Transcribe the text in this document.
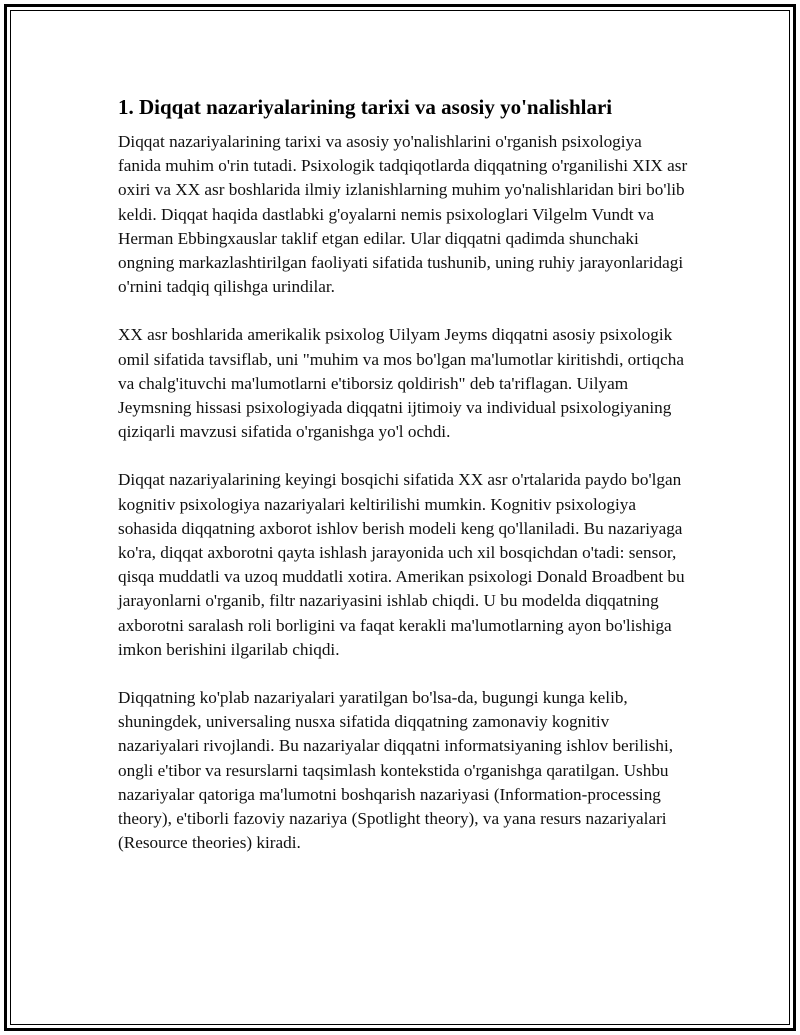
1. Diqqat nazariyalarining tarixi va asosiy yo'nalishlari

Diqqat nazariyalarining tarixi va asosiy yo'nalishlarini o'rganish psixologiya fanida muhim o'rin tutadi. Psixologik tadqiqotlarda diqqatning o'rganilishi XIX asr oxiri va XX asr boshlarida ilmiy izlanishlarning muhim yo'nalishlaridan biri bo'lib keldi. Diqqat haqida dastlabki g'oyalarni nemis psixologlari Vilgelm Vundt va Herman Ebbingxauslar taklif etgan edilar. Ular diqqatni qadimda shunchaki ongning markazlashtirilgan faoliyati sifatida tushunib, uning ruhiy jarayonlaridagi o'rnini tadqiq qilishga urindilar.

XX asr boshlarida amerikalik psixolog Uilyam Jeyms diqqatni asosiy psixologik omil sifatida tavsiflab, uni "muhim va mos bo'lgan ma'lumotlar kiritishdi, ortiqcha va chalg'ituvchi ma'lumotlarni e'tiborsiz qoldirish" deb ta'riflagan. Uilyam Jeymsning hissasi psixologiyada diqqatni ijtimoiy va individual psixologiyaning qiziqarli mavzusi sifatida o'rganishga yo'l ochdi.

Diqqat nazariyalarining keyingi bosqichi sifatida XX asr o'rtalarida paydo bo'lgan kognitiv psixologiya nazariyalari keltirilishi mumkin. Kognitiv psixologiya sohasida diqqatning axborot ishlov berish modeli keng qo'llaniladi. Bu nazariyaga ko'ra, diqqat axborotni qayta ishlash jarayonida uch xil bosqichdan o'tadi: sensor, qisqa muddatli va uzoq muddatli xotira. Amerikan psixologi Donald Broadbent bu jarayonlarni o'rganib, filtr nazariyasini ishlab chiqdi. U bu modelda diqqatning axborotni saralash roli borligini va faqat kerakli ma'lumotlarning ayon bo'lishiga imkon berishini ilgarilab chiqdi.

Diqqatning ko'plab nazariyalari yaratilgan bo'lsa-da, bugungi kunga kelib, shuningdek, universaling nusxa sifatida diqqatning zamonaviy kognitiv nazariyalari rivojlandi. Bu nazariyalar diqqatni informatsiyaning ishlov berilishi, ongli e'tibor va resurslarni taqsimlash kontekstida o'rganishga qaratilgan. Ushbu nazariyalar qatoriga ma'lumotni boshqarish nazariyasi (Information-processing theory), e'tiborli fazoviy nazariya (Spotlight theory), va yana resurs nazariyalari (Resource theories) kiradi.
